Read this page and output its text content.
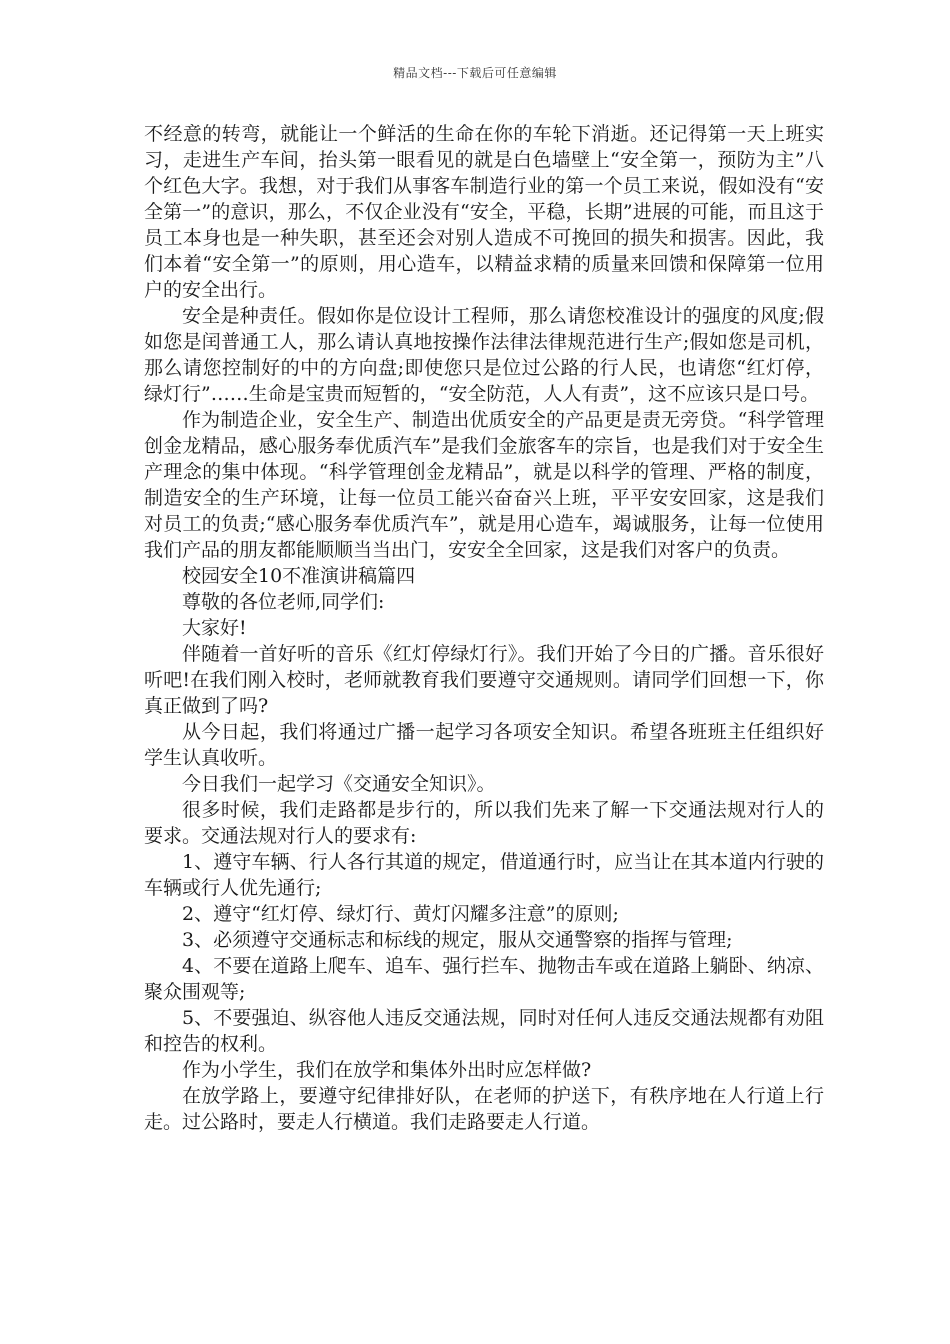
精品文档---下载后可任意编辑

不经意的转弯，就能让一个鲜活的生命在你的车轮下消逝。还记得第一天上班实习，走进生产车间，抬头第一眼看见的就是白色墙壁上“安全第一，预防为主”八个红色大字。我想，对于我们从事客车制造行业的第一个员工来说，假如没有“安全第一”的意识，那么，不仅企业没有“安全，平稳，长期”进展的可能，而且这于员工本身也是一种失职，甚至还会对别人造成不可挽回的损失和损害。因此，我们本着“安全第一”的原则，用心造车，以精益求精的质量来回馈和保障第一位用户的安全出行。

安全是种责任。假如你是位设计工程师，那么请您校准设计的强度的风度;假如您是闰普通工人，那么请认真地按操作法律法律规范进行生产;假如您是司机，那么请您控制好的中的方向盘;即使您只是位过公路的行人民，也请您“红灯停，绿灯行”……生命是宝贵而短暂的，“安全防范，人人有责”，这不应该只是口号。

作为制造企业，安全生产、制造出优质安全的产品更是责无旁贷。“科学管理创金龙精品，感心服务奉优质汽车”是我们金旅客车的宗旨，也是我们对于安全生产理念的集中体现。“科学管理创金龙精品”，就是以科学的管理、严格的制度，制造安全的生产环境，让每一位员工能兴奋奋兴上班，平平安安回家，这是我们对员工的负责;“感心服务奉优质汽车”，就是用心造车，竭诚服务，让每一位使用我们产品的朋友都能顺顺当当出门，安安全全回家，这是我们对客户的负责。

校园安全10不准演讲稿篇四

尊敬的各位老师,同学们:

大家好!

伴随着一首好听的音乐《红灯停绿灯行》。我们开始了今日的广播。音乐很好听吧!在我们刚入校时，老师就教育我们要遵守交通规则。请同学们回想一下，你真正做到了吗?

从今日起，我们将通过广播一起学习各项安全知识。希望各班班主任组织好学生认真收听。

今日我们一起学习《交通安全知识》。

很多时候，我们走路都是步行的，所以我们先来了解一下交通法规对行人的要求。交通法规对行人的要求有:

1、遵守车辆、行人各行其道的规定，借道通行时，应当让在其本道内行驶的车辆或行人优先通行;

2、遵守“红灯停、绿灯行、黄灯闪耀多注意”的原则;

3、必须遵守交通标志和标线的规定，服从交通警察的指挥与管理;

4、不要在道路上爬车、追车、强行拦车、抛物击车或在道路上躺卧、纳凉、聚众围观等;

5、不要强迫、纵容他人违反交通法规，同时对任何人违反交通法规都有劝阻和控告的权利。

作为小学生，我们在放学和集体外出时应怎样做?

在放学路上，要遵守纪律排好队，在老师的护送下，有秩序地在人行道上行走。过公路时，要走人行横道。我们走路要走人行道。
